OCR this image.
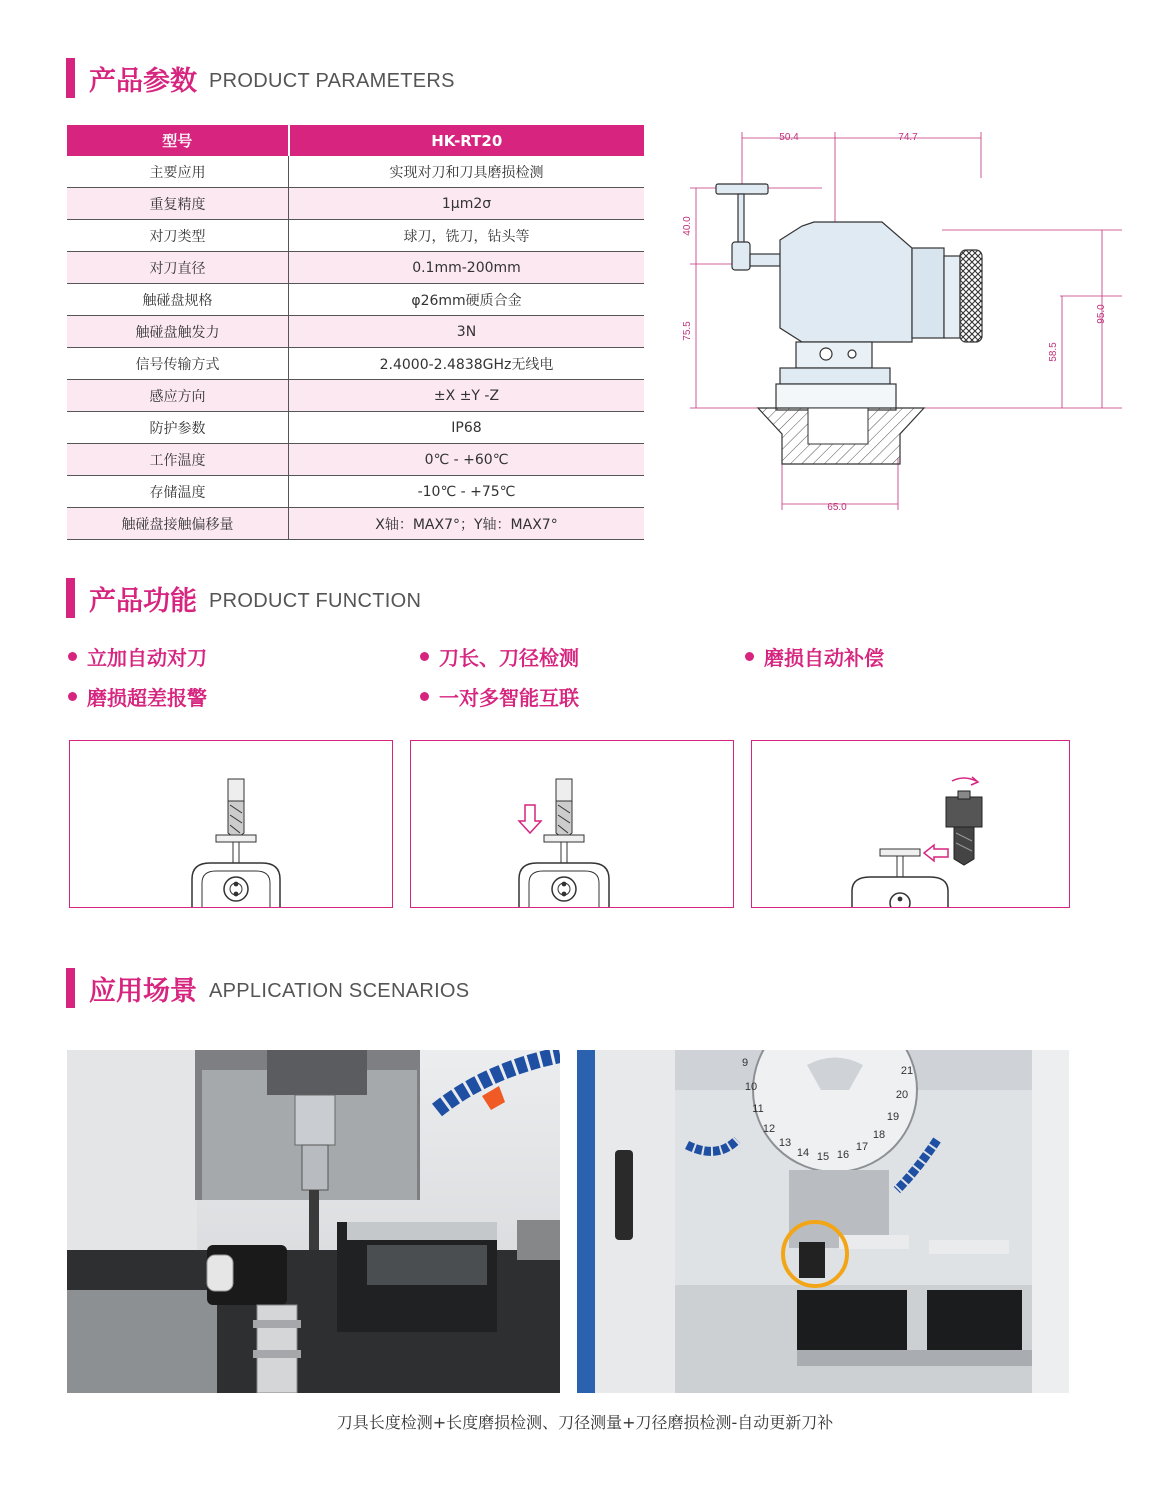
产品参数 PRODUCT PARAMETERS
型号	HK-RT20
主要应用	实现对刀和刀具磨损检测
重复精度	1μm2σ
对刀类型	球刀，铣刀，钻头等
对刀直径	0.1mm-200mm
触碰盘规格	φ26mm硬质合金
触碰盘触发力	3N
信号传输方式	2.4000-2.4838GHz无线电
感应方向	±X ±Y -Z
防护参数	IP68
工作温度	0℃ - +60℃
存储温度	-10℃ - +75℃
触碰盘接触偏移量	X轴：MAX7°；Y轴：MAX7°
50.4	74.7
40.0
75.5
95.0
58.5
65.0
产品功能 PRODUCT FUNCTION
立加自动对刀	刀长、刀径检测	磨损自动补偿
磨损超差报警	一对多智能互联
应用场景 APPLICATION SCENARIOS
9
10
11
12
13
14 15 16
17
18
19
20
21
刀具长度检测+长度磨损检测、刀径测量+刀径磨损检测-自动更新刀补
